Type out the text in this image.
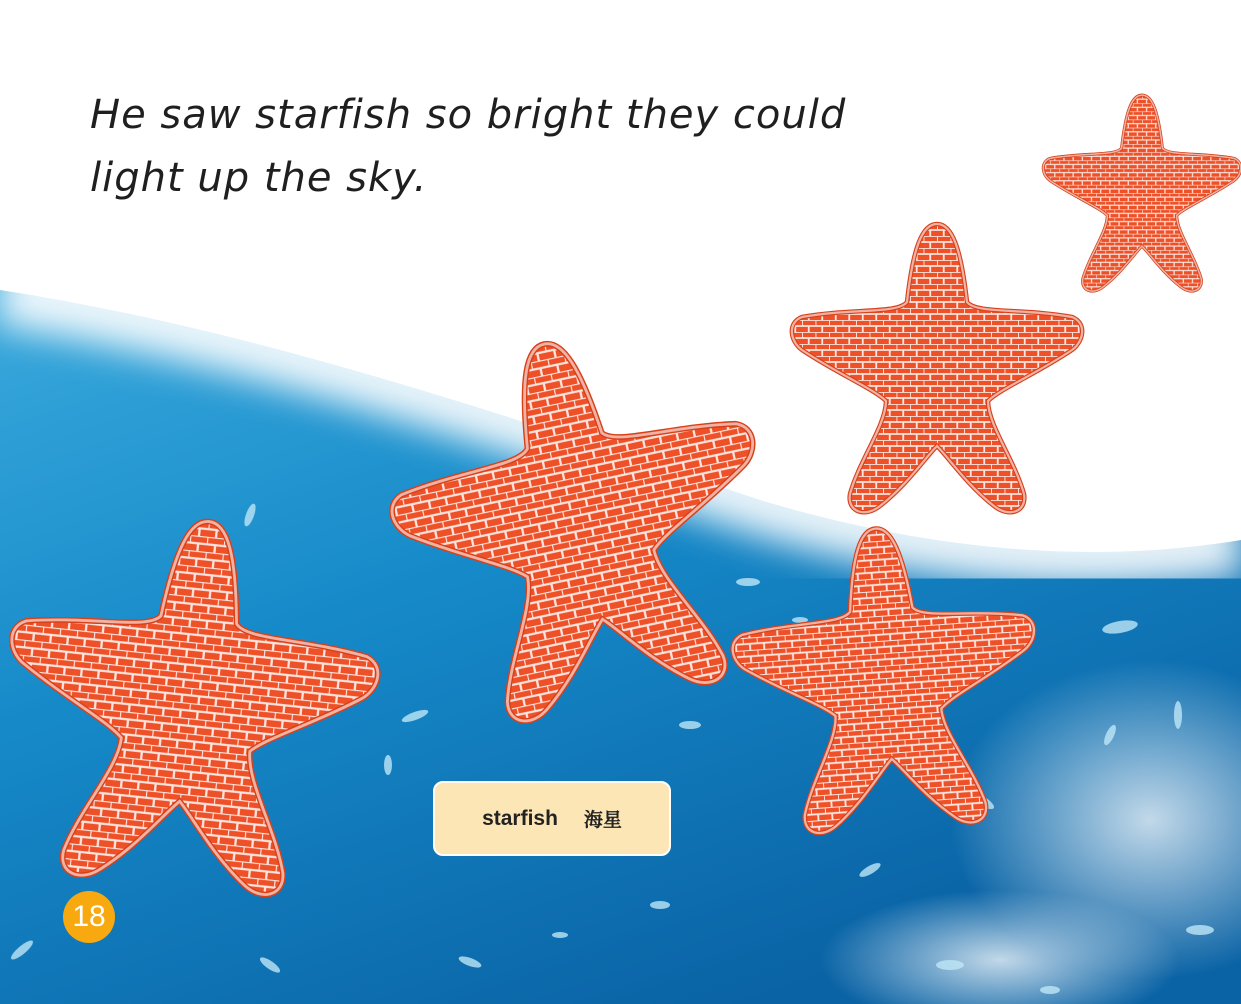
He saw starfish so bright they could
light up the sky.

starfish 海星
18
